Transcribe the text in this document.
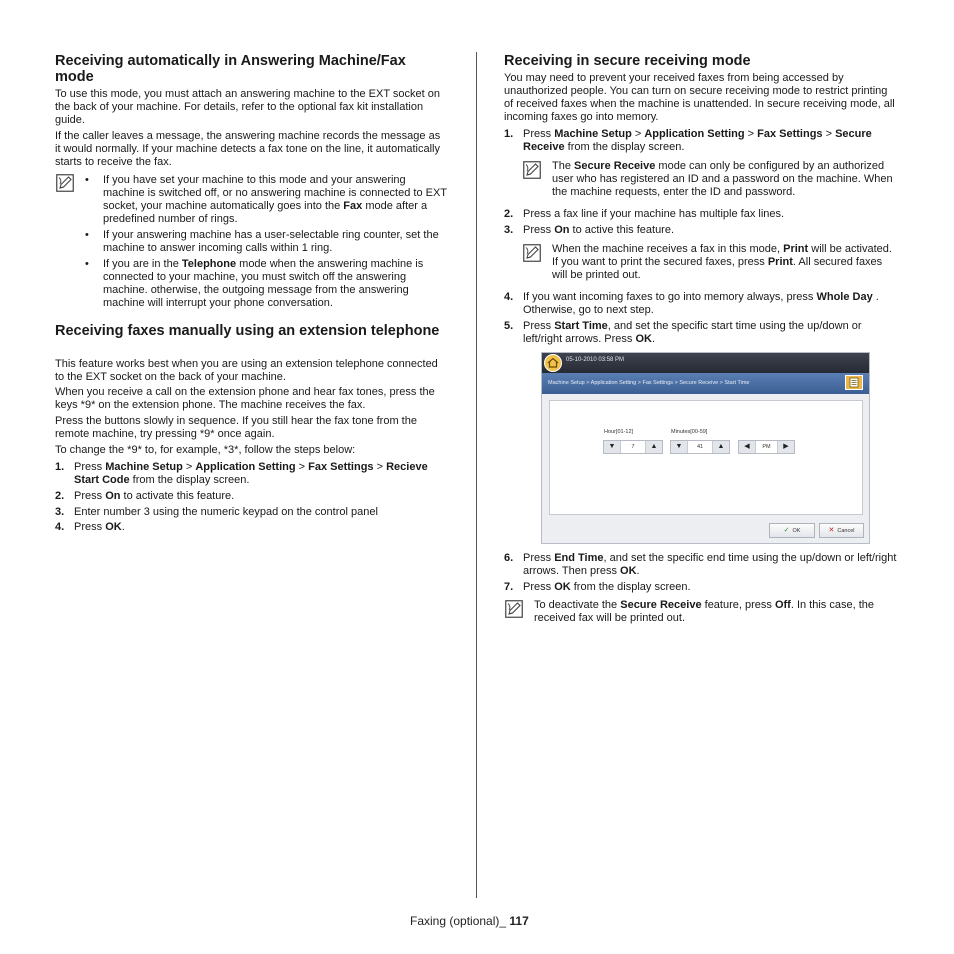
Receiving automatically in Answering Machine/Fax mode

To use this mode, you must attach an answering machine to the EXT socket on the back of your machine. For details, refer to the optional fax kit installation guide.

If the caller leaves a message, the answering machine records the message as it would normally. If your machine detects a fax tone on the line, it automatically starts to receive the fax.

• If you have set your machine to this mode and your answering machine is switched off, or no answering machine is connected to EXT socket, your machine automatically goes into the Fax mode after a predefined number of rings.
• If your answering machine has a user-selectable ring counter, set the machine to answer incoming calls within 1 ring.
• If you are in the Telephone mode when the answering machine is connected to your machine, you must switch off the answering machine. otherwise, the outgoing message from the answering machine will interrupt your phone conversation.
Receiving faxes manually using an extension telephone

This feature works best when you are using an extension telephone connected to the EXT socket on the back of your machine.

When you receive a call on the extension phone and hear fax tones, press the keys *9* on the extension phone. The machine receives the fax.

Press the buttons slowly in sequence. If you still hear the fax tone from the remote machine, try pressing *9* once again.

To change the *9* to, for example, *3*, follow the steps below:

1. Press Machine Setup > Application Setting > Fax Settings > Recieve Start Code from the display screen.
2. Press On to activate this feature.
3. Enter number 3 using the numeric keypad on the control panel
4. Press OK.
Receiving in secure receiving mode

You may need to prevent your received faxes from being accessed by unauthorized people. You can turn on secure receiving mode to restrict printing of received faxes when the machine is unattended. In secure receiving mode, all incoming faxes go into memory.

1. Press Machine Setup > Application Setting > Fax Settings > Secure Receive from the display screen.
The Secure Receive mode can only be configured by an authorized user who has registered an ID and a password on the machine. When the machine requests, enter the ID and password.
2. Press a fax line if your machine has multiple fax lines.
3. Press On to active this feature.
When the machine receives a fax in this mode, Print will be activated. If you want to print the secured faxes, press Print. All secured faxes will be printed out.
4. If you want incoming faxes to go into memory always, press Whole Day . Otherwise, go to next step.
5. Press Start Time, and set the specific start time using the up/down or left/right arrows. Press OK.
6. Press End Time, and set the specific end time using the up/down or left/right arrows. Then press OK.
7. Press OK from the display screen.
To deactivate the Secure Receive feature, press Off. In this case, the received fax will be printed out.
05-10-2010 03:58 PM
Machine Setup > Application Setting > Fax Settings > Secure Receive > Start Time
Hour[01-12]
▼	7	▲
Minutes[00-59]
▼	41	▲	◀	PM	▶
✓ OK	✕ Cancel
Faxing (optional)_ 117
